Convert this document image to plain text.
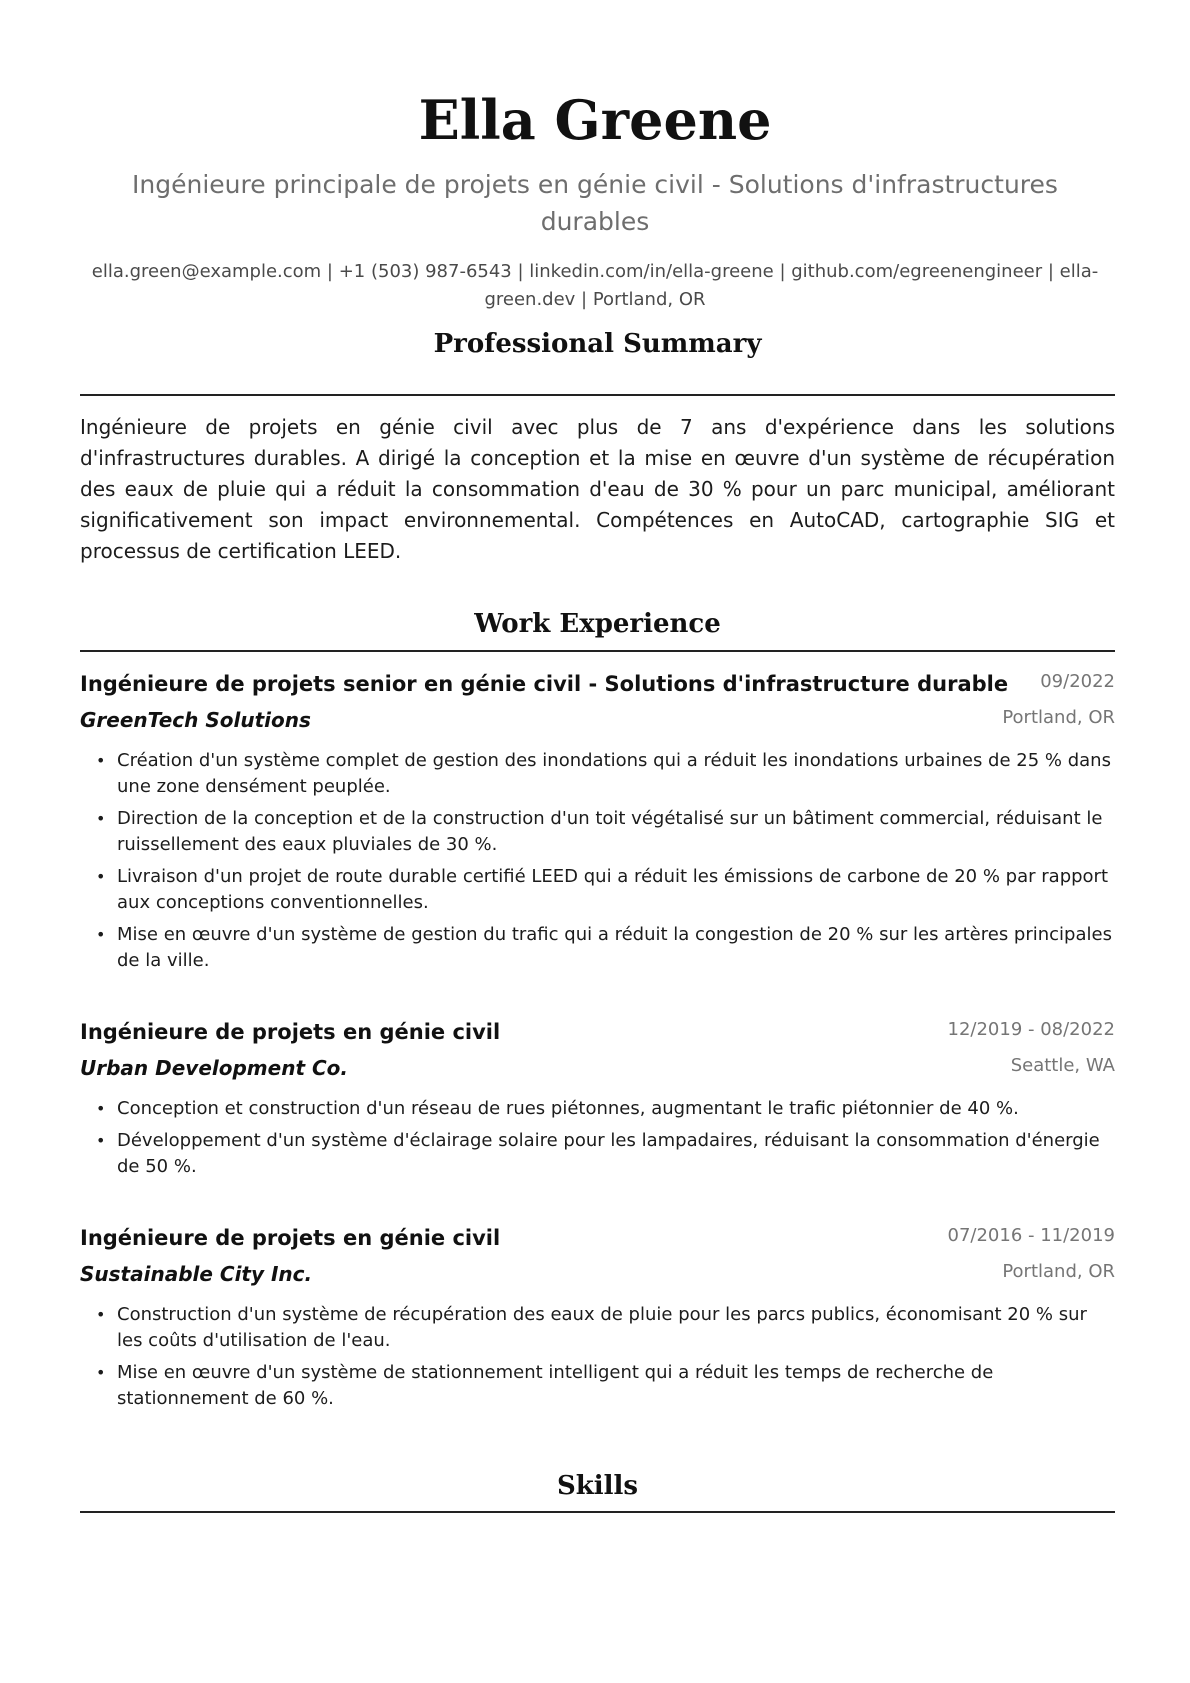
Ella Greene
Ingénieure principale de projets en génie civil - Solutions d'infrastructures durables
ella.green@example.com | +1 (503) 987-6543 | linkedin.com/in/ella-greene | github.com/egreenengineer | ella-green.dev | Portland, OR
Professional Summary
Ingénieure de projets en génie civil avec plus de 7 ans d'expérience dans les solutions d'infrastructures durables. A dirigé la conception et la mise en œuvre d'un système de récupération des eaux de pluie qui a réduit la consommation d'eau de 30 % pour un parc municipal, améliorant significativement son impact environnemental. Compétences en AutoCAD, cartographie SIG et processus de certification LEED.
Work Experience
Ingénieure de projets senior en génie civil - Solutions d'infrastructure durable	09/2022
GreenTech Solutions	Portland, OR
• Création d'un système complet de gestion des inondations qui a réduit les inondations urbaines de 25 % dans une zone densément peuplée.
• Direction de la conception et de la construction d'un toit végétalisé sur un bâtiment commercial, réduisant le ruissellement des eaux pluviales de 30 %.
• Livraison d'un projet de route durable certifié LEED qui a réduit les émissions de carbone de 20 % par rapport aux conceptions conventionnelles.
• Mise en œuvre d'un système de gestion du trafic qui a réduit la congestion de 20 % sur les artères principales de la ville.
Ingénieure de projets en génie civil	12/2019 - 08/2022
Urban Development Co.	Seattle, WA
• Conception et construction d'un réseau de rues piétonnes, augmentant le trafic piétonnier de 40 %.
• Développement d'un système d'éclairage solaire pour les lampadaires, réduisant la consommation d'énergie de 50 %.
Ingénieure de projets en génie civil	07/2016 - 11/2019
Sustainable City Inc.	Portland, OR
• Construction d'un système de récupération des eaux de pluie pour les parcs publics, économisant 20 % sur les coûts d'utilisation de l'eau.
• Mise en œuvre d'un système de stationnement intelligent qui a réduit les temps de recherche de stationnement de 60 %.
Skills
